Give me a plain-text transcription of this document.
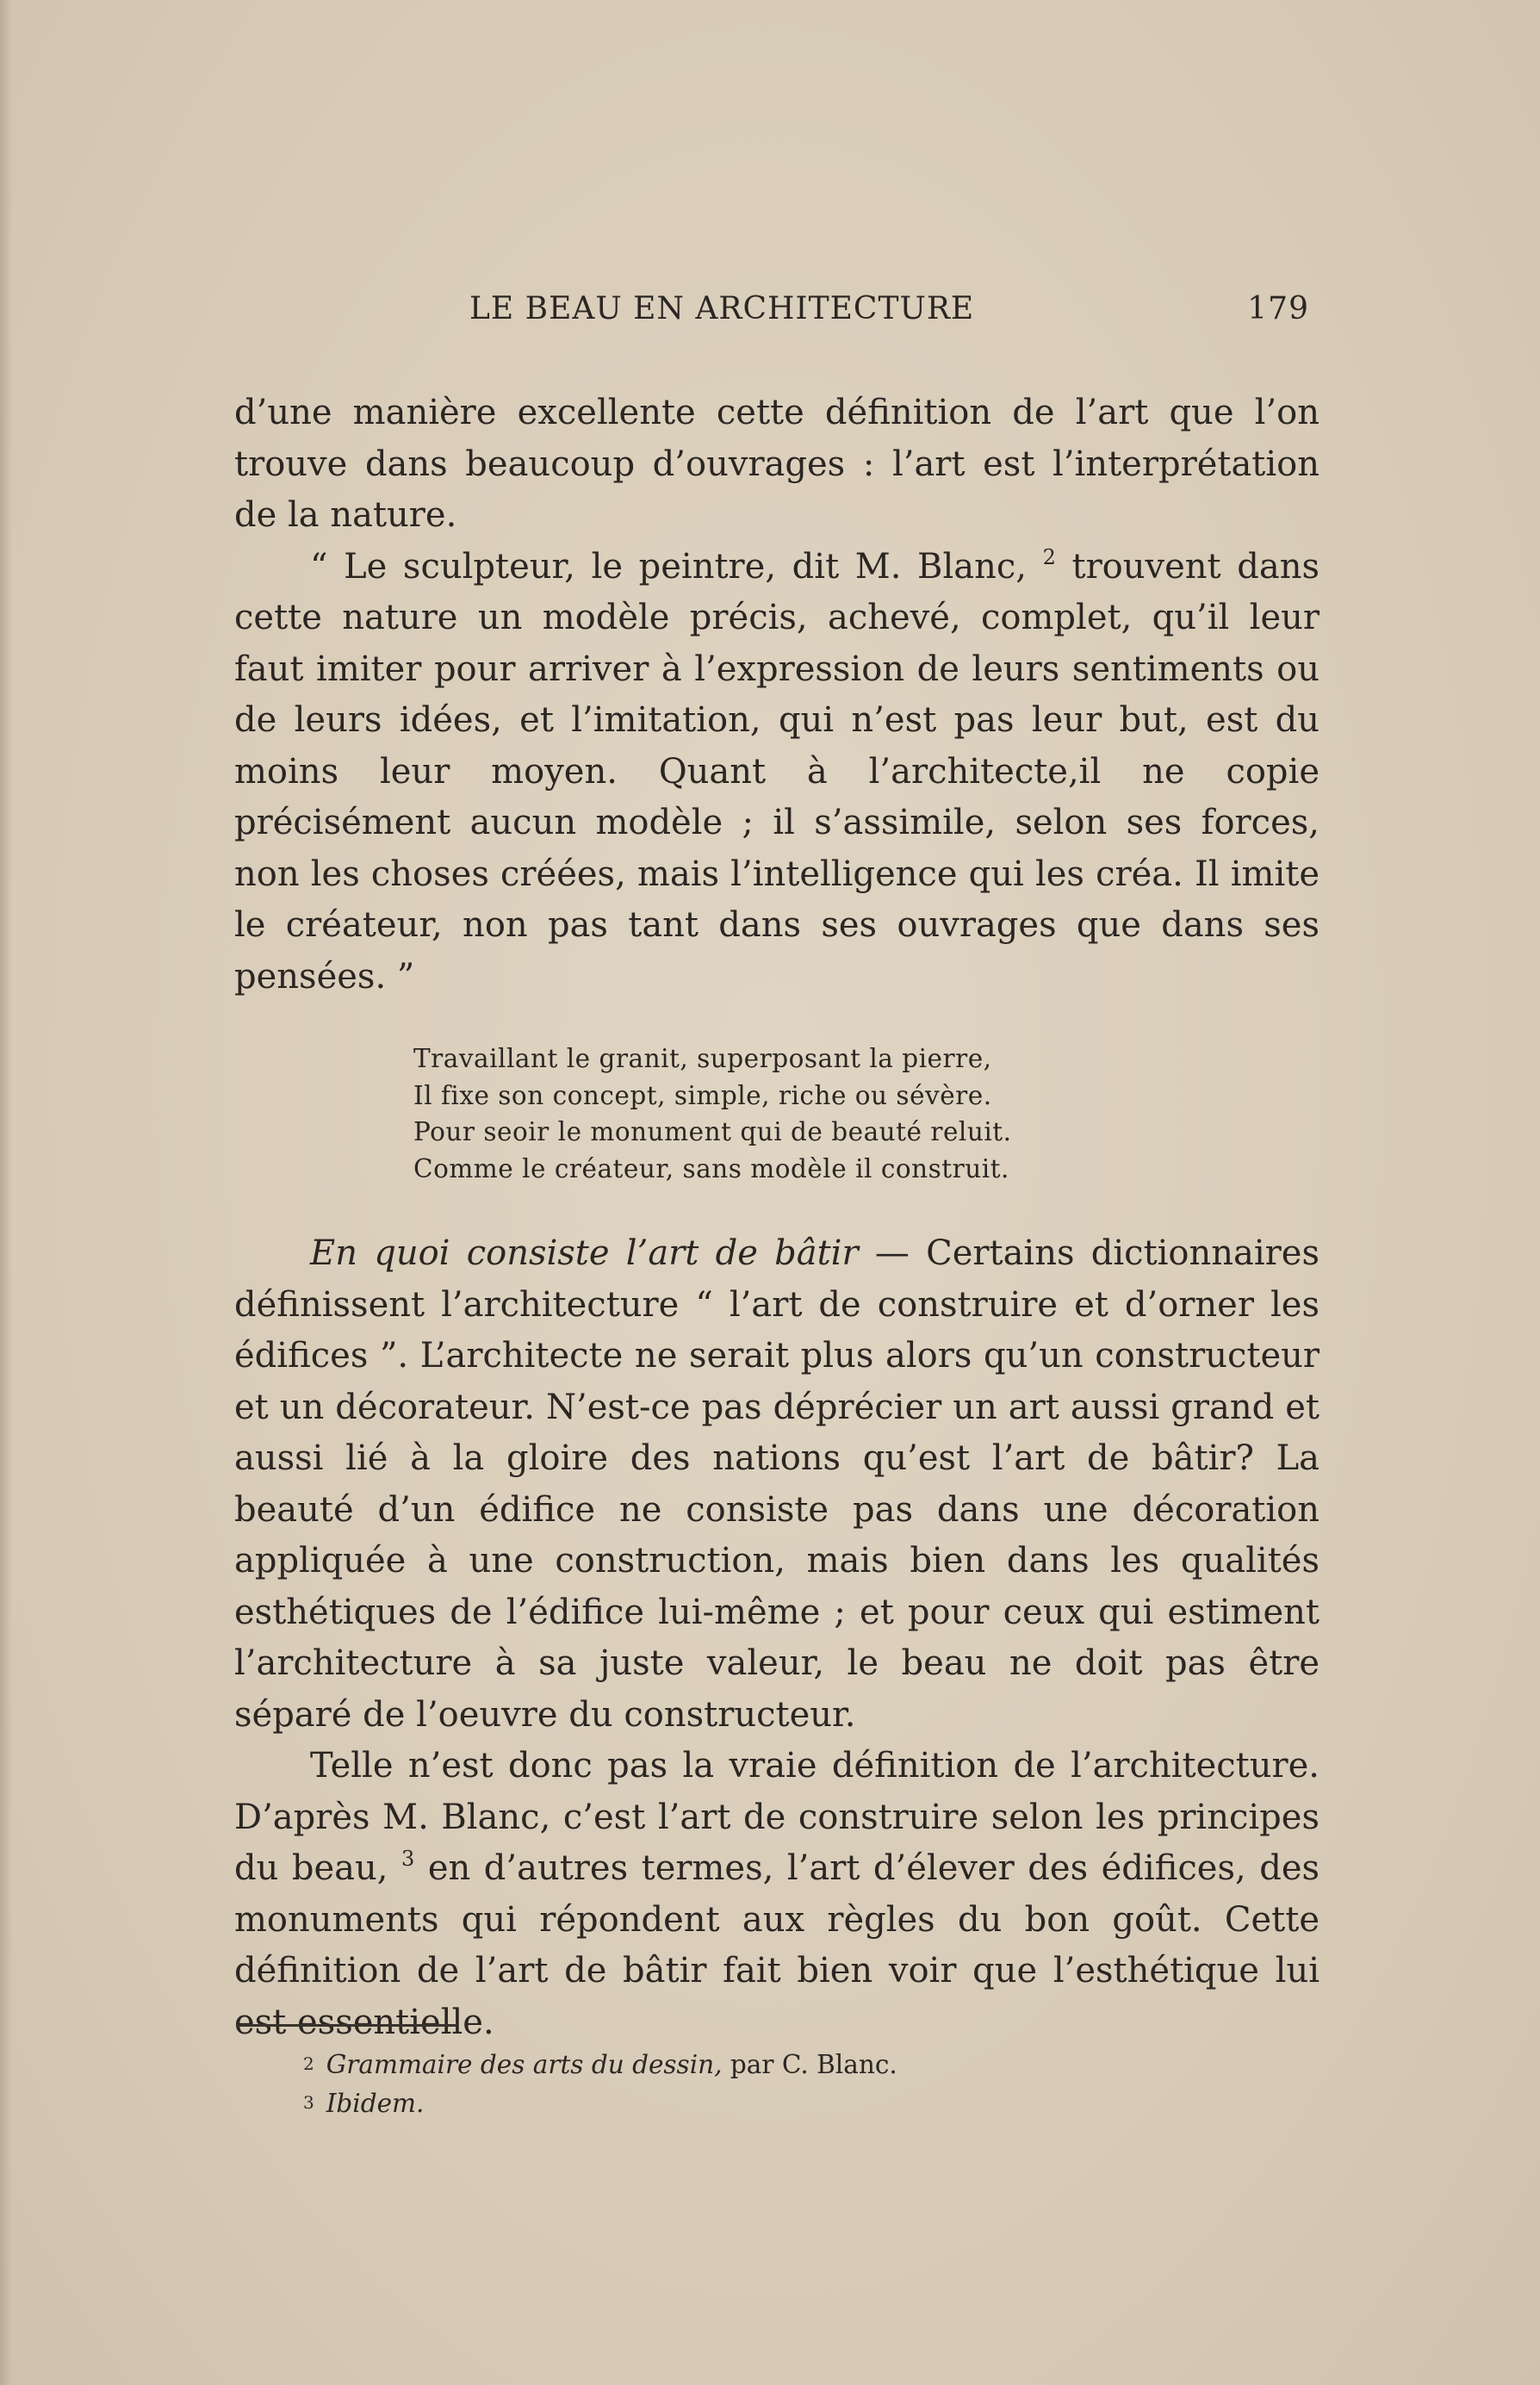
LE BEAU EN ARCHITECTURE	179

d’une manière excellente cette définition de l’art que l’on trouve dans beaucoup d’ouvrages : l’art est l’interprétation de la nature.

“ Le sculpteur, le peintre, dit M. Blanc, $^2$ trouvent dans cette nature un modèle précis, achevé, complet, qu’il leur faut imiter pour arriver à l’expression de leurs sentiments ou de leurs idées, et l’imitation, qui n’est pas leur but, est du moins leur moyen. Quant à l’architecte,il ne copie précisément aucun modèle ; il s’assimile, selon ses forces, non les choses créées, mais l’intelligence qui les créa. Il imite le créateur, non pas tant dans ses ouvrages que dans ses pensées. ”

Travaillant le granit, superposant la pierre,
Il fixe son concept, simple, riche ou sévère.
Pour seoir le monument qui de beauté reluit.
Comme le créateur, sans modèle il construit.

En quoi consiste l’art de bâtir — Certains dictionnaires définissent l’architecture “ l’art de construire et d’orner les édifices ”. L’architecte ne serait plus alors qu’un constructeur et un décorateur. N’est-ce pas déprécier un art aussi grand et aussi lié à la gloire des nations qu’est l’art de bâtir? La beauté d’un édifice ne consiste pas dans une décoration appliquée à une construction, mais bien dans les qualités esthétiques de l’édifice lui-même ; et pour ceux qui estiment l’architecture à sa juste valeur, le beau ne doit pas être séparé de l’oeuvre du constructeur.

Telle n’est donc pas la vraie définition de l’architecture. D’après M. Blanc, c’est l’art de construire selon les principes du beau, $^3$ en d’autres termes, l’art d’élever des édifices, des monuments qui répondent aux règles du bon goût. Cette définition de l’art de bâtir fait bien voir que l’esthétique lui est essentielle.

2 Grammaire des arts du dessin, par C. Blanc.
3 Ibidem.
